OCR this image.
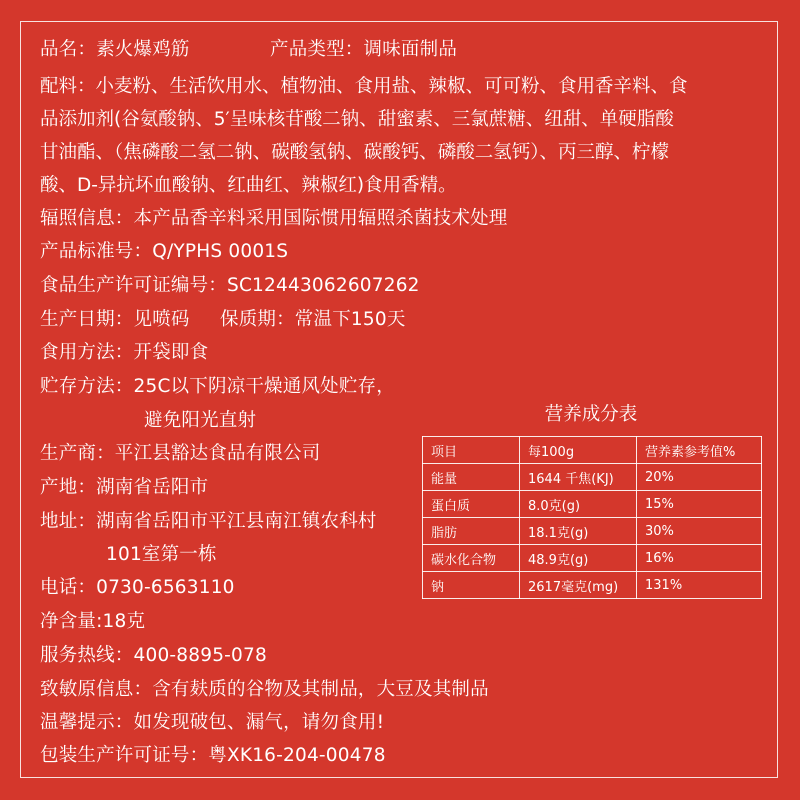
品名：素火爆鸡筋	产品类型：调味面制品
配料：小麦粉、生活饮用水、植物油、食用盐、辣椒、可可粉、食用香辛料、食
品添加剂(谷氨酸钠、5′呈味核苷酸二钠、甜蜜素、三氯蔗糖、纽甜、单硬脂酸
甘油酯、（焦磷酸二氢二钠、碳酸氢钠、碳酸钙、磷酸二氢钙）、丙三醇、柠檬
酸、D-异抗坏血酸钠、红曲红、辣椒红)食用香精。
辐照信息：本产品香辛料采用国际惯用辐照杀菌技术处理
产品标准号：Q/YPHS 0001S
食品生产许可证编号：SC12443062607262
生产日期：见喷码     保质期：常温下150天
食用方法：开袋即食
贮存方法：25C以下阴凉干燥通风处贮存，
避免阳光直射
生产商：平江县豁达食品有限公司
产地：湖南省岳阳市
地址：湖南省岳阳市平江县南江镇农科村
101室第一栋
电话：0730-6563110
净含量:18克
服务热线：400-8895-078
致敏原信息：含有麸质的谷物及其制品，大豆及其制品
温馨提示：如发现破包、漏气，请勿食用!
包装生产许可证号：粤XK16-204-00478
营养成分表
项目	每100g	营养素参考值%
能量	1644 千焦(KJ)	20%
蛋白质	8.0克(g)	15%
脂肪	18.1克(g)	30%
碳水化合物	48.9克(g)	16%
钠	2617毫克(mg)	131%
